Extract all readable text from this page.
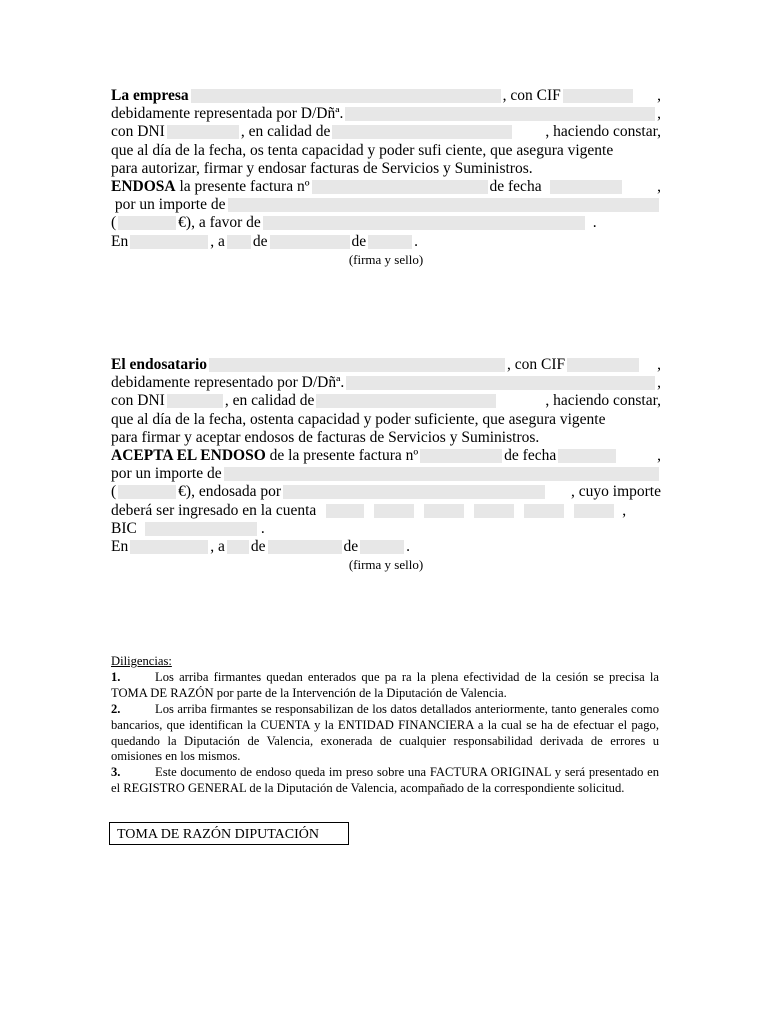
La empresa	, con CIF	,
debidamente representada por D/Dñª.	,
con DNI	, en calidad de	, haciendo constar,
que al día de la fecha, os tenta capacidad y poder sufi ciente, que asegura vigente
para autorizar, firmar y endosar facturas de Servicios y Suministros.
ENDOSA
la presente factura nº	de fecha	,

por un importe de
(	€), a favor de	.
En	, a de	de	.
(firma y sello)
El endosatario	, con CIF	,
debidamente representado por D/Dñª.	,
con DNI	, en calidad de	, haciendo constar,
que al día de la fecha, ostenta capacidad y poder suficiente, que asegura vigente
para firmar y aceptar endosos de facturas de Servicios y Suministros.
ACEPTA EL ENDOSO
de la presente factura nº	de fecha	,
por un importe de
(	€), endosada por	, cuyo importe
deberá ser ingresado en la cuenta	,
BIC	.
En	, a de	de	.
(firma y sello)
Diligencias:
1.	Los arriba firmantes quedan enterados que pa ra la plena efectividad de la cesión se precisa la TOMA DE RAZÓN por parte de la Intervención de la Diputación de Valencia.
2.	Los arriba firmantes se responsabilizan de los datos detallados anteriormente, tanto generales como bancarios, que identifican la CUENTA y la ENTIDAD FINANCIERA a la cual se ha de efectuar el pago, quedando la Diputación de Valencia, exonerada de cualquier responsabilidad derivada de errores u omisiones en los mismos.
3.	Este documento de endoso queda im preso sobre una FACTURA ORIGINAL y será presentado en el REGISTRO GENERAL de la Diputación de Valencia, acompañado de la correspondiente solicitud.
TOMA DE RAZÓN DIPUTACIÓN
